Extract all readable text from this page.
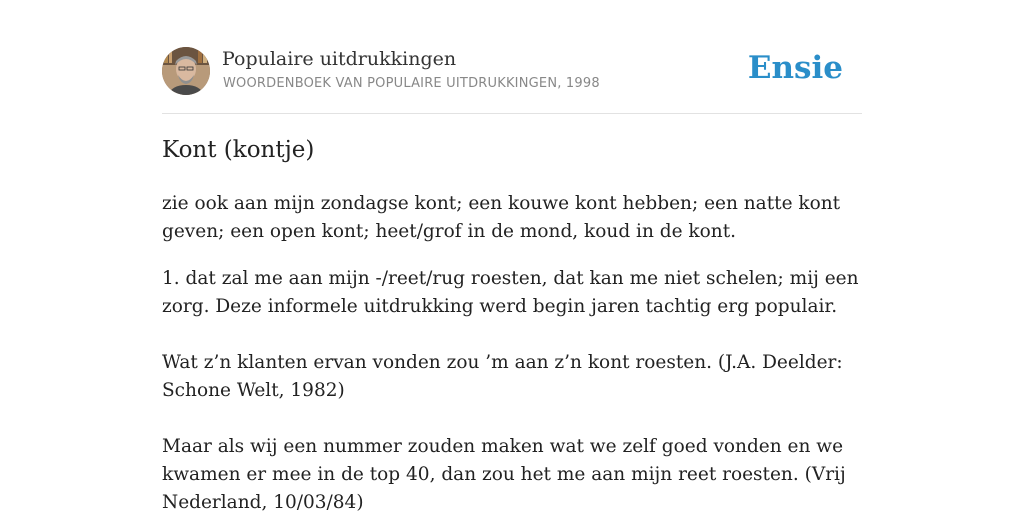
Populaire uitdrukkingen
WOORDENBOEK VAN POPULAIRE UITDRUKKINGEN, 1998	Ensie
Kont (kontje)

zie ook aan mijn zondagse kont; een kouwe kont hebben; een natte kont geven; een open kont; heet/grof in de mond, koud in de kont.

1. dat zal me aan mijn -/reet/rug roesten, dat kan me niet schelen; mij een zorg. Deze informele uitdrukking werd begin jaren tachtig erg populair.

Wat z’n klanten ervan vonden zou ’m aan z’n kont roesten. (J.A. Deelder: Schone Welt, 1982)

Maar als wij een nummer zouden maken wat we zelf goed vonden en we kwamen er mee in de top 40, dan zou het me aan mijn reet roesten. (Vrij Nederland, 10/03/84)
